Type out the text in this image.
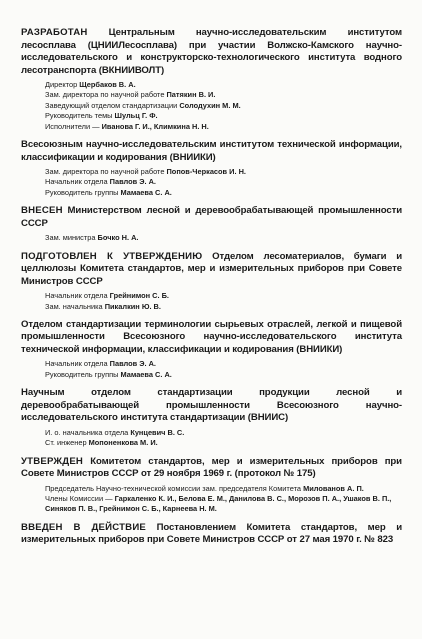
РАЗРАБОТАН Центральным научно-исследовательским институтом лесосплава (ЦНИИЛесосплава) при участии Волжско-Камского научно-исследовательского и конструкторско-технологического института водного лесотранспорта (ВКНИИВОЛТ)

Директор Щербаков В. А.
Зам. директора по научной работе Патякин В. И.
Заведующий отделом стандартизации Солодухин М. М.
Руководитель темы Шульц Г. Ф.
Исполнители — Иванова Г. И., Климкина Н. Н.

Всесоюзным научно-исследовательским институтом технической информации, классификации и кодирования (ВНИИКИ)

Зам. директора по научной работе Попов-Черкасов И. Н.
Начальник отдела Павлов Э. А.
Руководитель группы Мамаева С. А.

ВНЕСЕН Министерством лесной и деревообрабатывающей промышленности СССР

Зам. министра Бочко Н. А.

ПОДГОТОВЛЕН К УТВЕРЖДЕНИЮ Отделом лесоматериалов, бумаги и целлюлозы Комитета стандартов, мер и измерительных приборов при Совете Министров СССР

Начальник отдела Грейнимон С. Б.
Зам. начальника Пикалкин Ю. В.

Отделом стандартизации терминологии сырьевых отраслей, легкой и пищевой промышленности Всесоюзного научно-исследовательского института технической информации, классификации и кодирования (ВНИИКИ)

Начальник отдела Павлов Э. А.
Руководитель группы Мамаева С. А.

Научным отделом стандартизации продукции лесной и деревообрабатывающей промышленности Всесоюзного научно-исследовательского института стандартизации (ВНИИС)

И. о. начальника отдела Кунцевич В. С.
Ст. инженер Мопоненкова М. И.

УТВЕРЖДЕН Комитетом стандартов, мер и измерительных приборов при Совете Министров СССР от 29 ноября 1969 г. (протокол № 175)

Председатель Научно-технической комиссии зам. председателя Комитета Милованов А. П.
Члены Комиссии — Гаркаленко К. И., Белова Е. М., Данилова В. С., Морозов П. А., Ушаков В. П., Синяков П. В., Грейнимон С. Б., Карнеева Н. М.

ВВЕДЕН В ДЕЙСТВИЕ Постановлением Комитета стандартов, мер и измерительных приборов при Совете Министров СССР от 27 мая 1970 г. № 823
